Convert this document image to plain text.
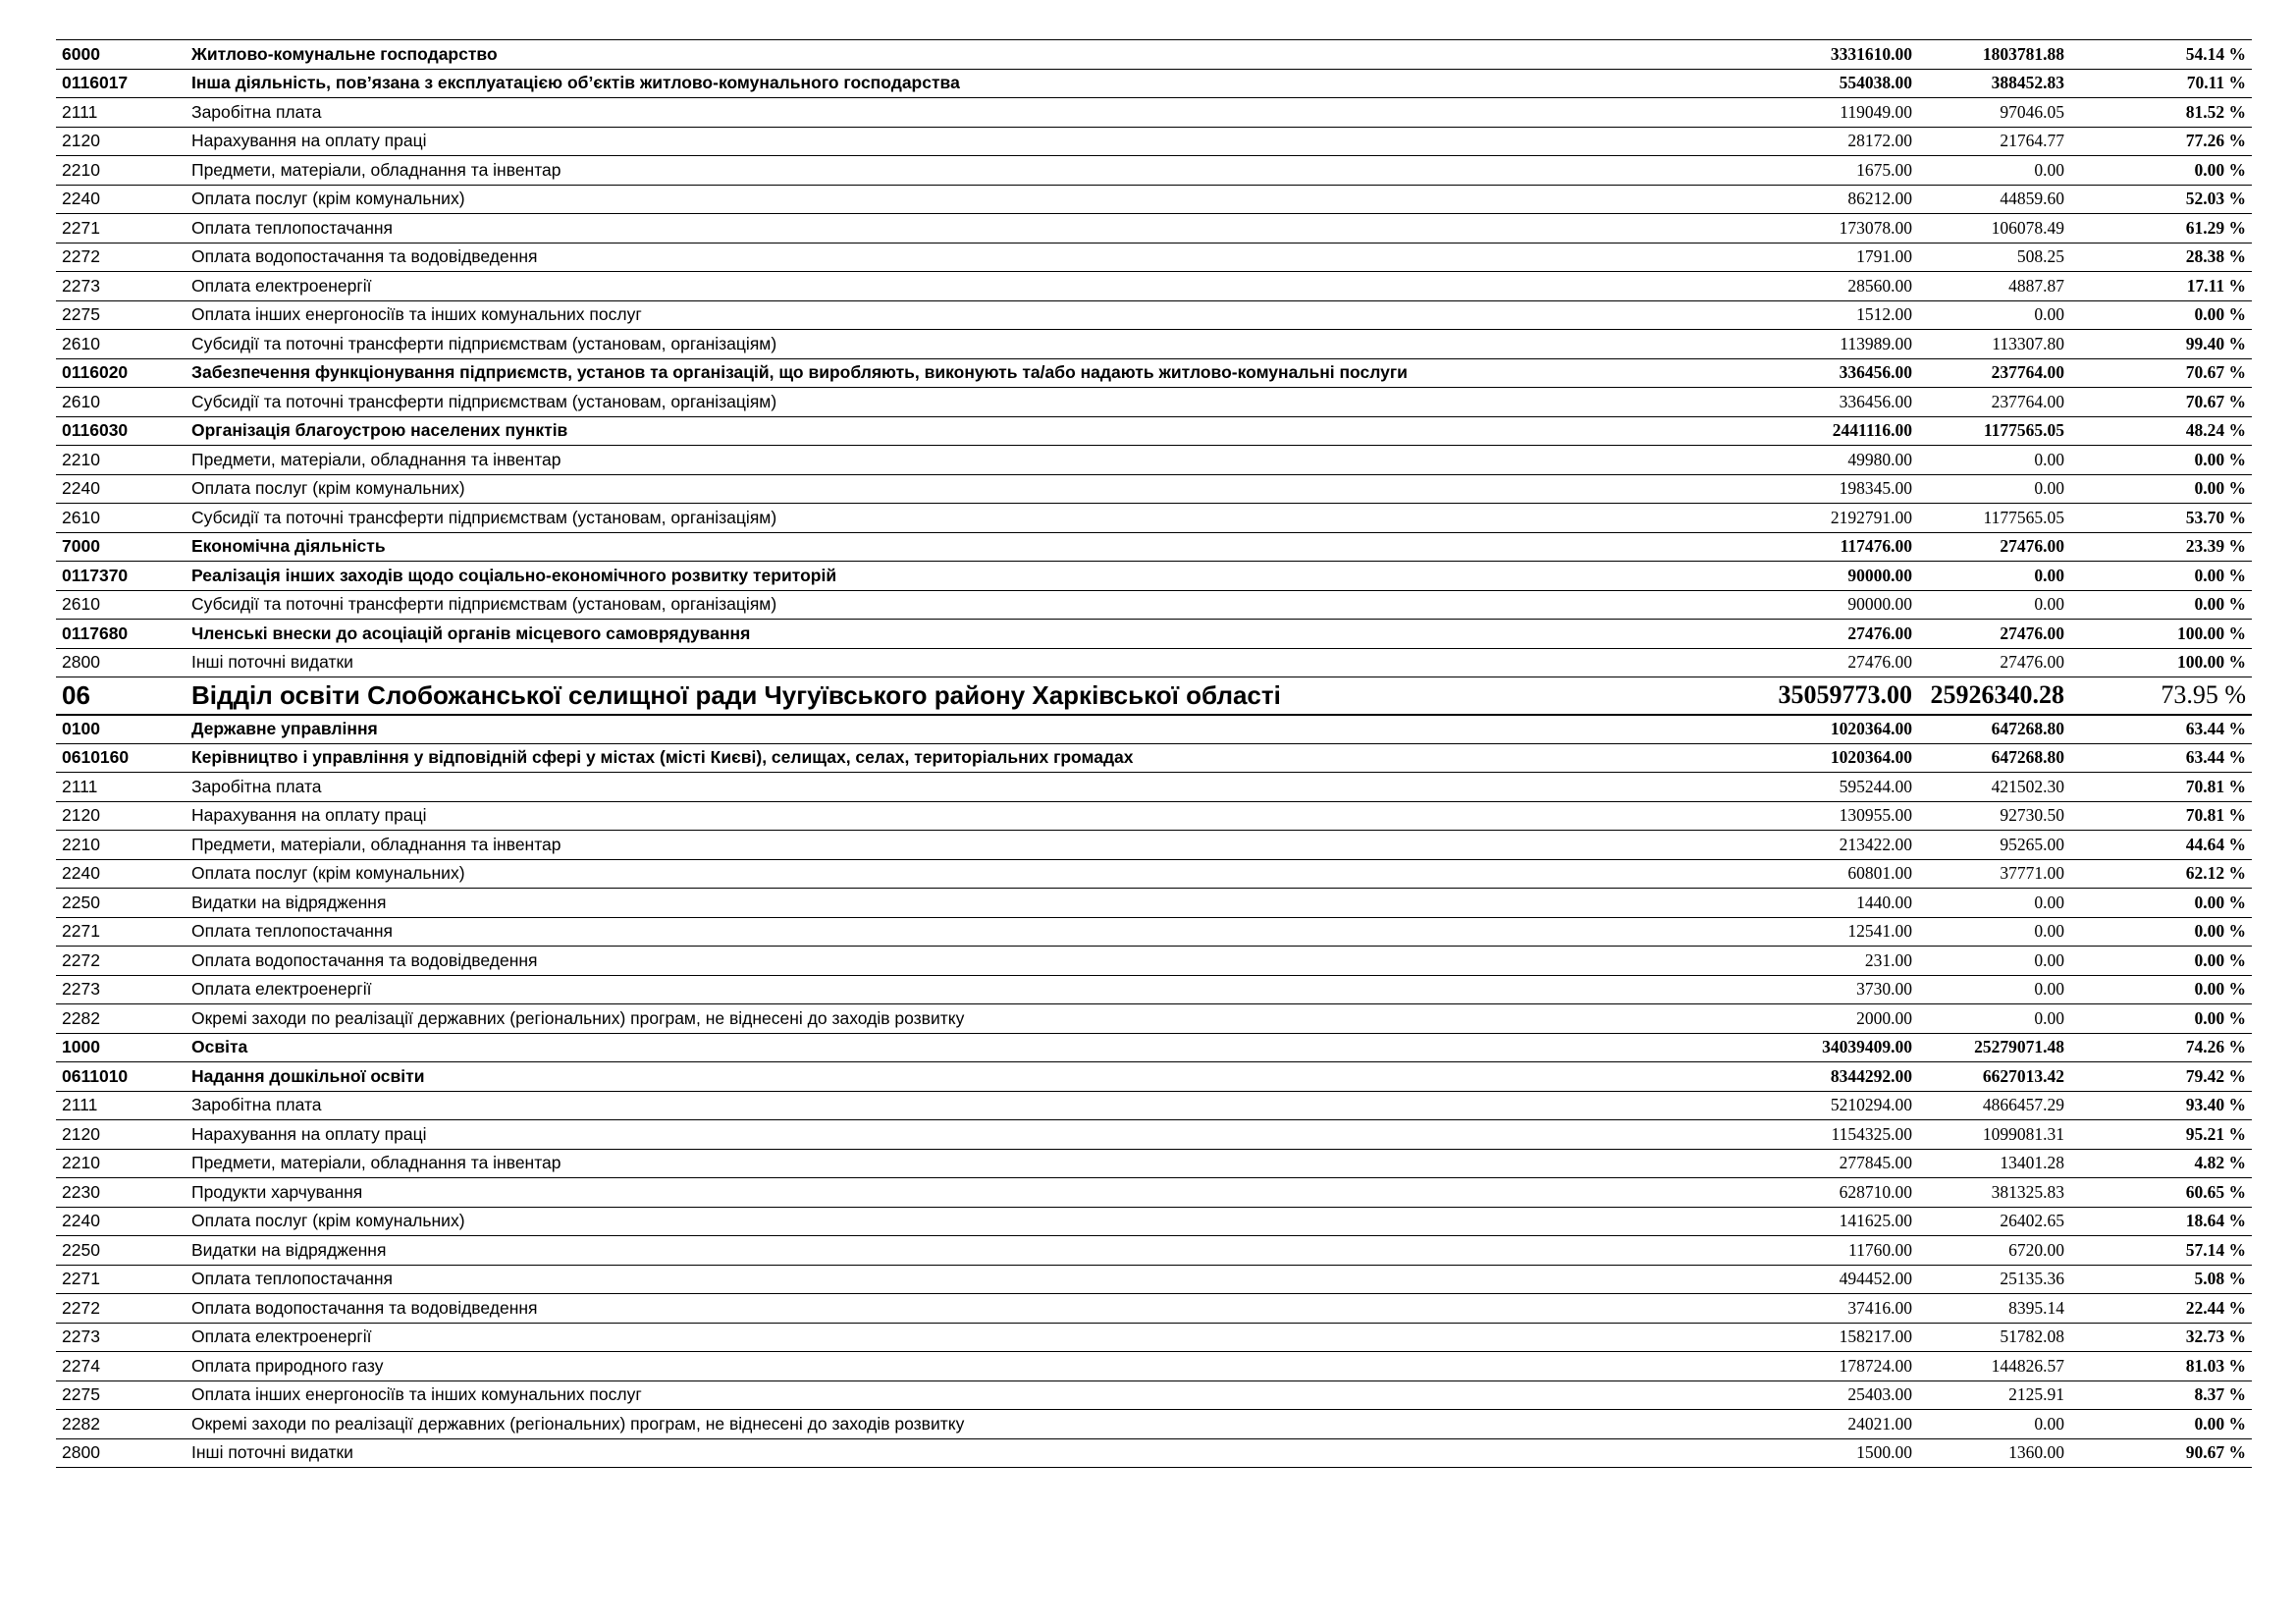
6000	Житлово-комунальне господарство	3331610.00	1803781.88	54.14 %
0116017	Інша діяльність, пов’язана з експлуатацією об’єктів житлово-комунального господарства	554038.00	388452.83	70.11 %
2111	Заробітна плата	119049.00	97046.05	81.52 %
2120	Нарахування на оплату праці	28172.00	21764.77	77.26 %
2210	Предмети, матеріали, обладнання та інвентар	1675.00	0.00	0.00 %
2240	Оплата послуг (крім комунальних)	86212.00	44859.60	52.03 %
2271	Оплата теплопостачання	173078.00	106078.49	61.29 %
2272	Оплата водопостачання та водовідведення	1791.00	508.25	28.38 %
2273	Оплата електроенергії	28560.00	4887.87	17.11 %
2275	Оплата інших енергоносіїв та інших комунальних послуг	1512.00	0.00	0.00 %
2610	Субсидії та поточні трансферти підприємствам (установам, організаціям)	113989.00	113307.80	99.40 %
0116020	Забезпечення функціонування підприємств, установ та організацій, що виробляють, виконують та/або надають житлово-комунальні послуги	336456.00	237764.00	70.67 %
2610	Субсидії та поточні трансферти підприємствам (установам, організаціям)	336456.00	237764.00	70.67 %
0116030	Організація благоустрою населених пунктів	2441116.00	1177565.05	48.24 %
2210	Предмети, матеріали, обладнання та інвентар	49980.00	0.00	0.00 %
2240	Оплата послуг (крім комунальних)	198345.00	0.00	0.00 %
2610	Субсидії та поточні трансферти підприємствам (установам, організаціям)	2192791.00	1177565.05	53.70 %
7000	Економічна діяльність	117476.00	27476.00	23.39 %
0117370	Реалізація інших заходів щодо соціально-економічного розвитку територій	90000.00	0.00	0.00 %
2610	Субсидії та поточні трансферти підприємствам (установам, організаціям)	90000.00	0.00	0.00 %
0117680	Членські внески до асоціацій органів місцевого самоврядування	27476.00	27476.00	100.00 %
2800	Інші поточні видатки	27476.00	27476.00	100.00 %
06	Відділ освіти Слобожанської селищної ради Чугуївського району Харківської області	35059773.00	25926340.28	73.95 %
0100	Державне управління	1020364.00	647268.80	63.44 %
0610160	Керівництво і управління у відповідній сфері у містах (місті Києві), селищах, селах, територіальних громадах	1020364.00	647268.80	63.44 %
2111	Заробітна плата	595244.00	421502.30	70.81 %
2120	Нарахування на оплату праці	130955.00	92730.50	70.81 %
2210	Предмети, матеріали, обладнання та інвентар	213422.00	95265.00	44.64 %
2240	Оплата послуг (крім комунальних)	60801.00	37771.00	62.12 %
2250	Видатки на відрядження	1440.00	0.00	0.00 %
2271	Оплата теплопостачання	12541.00	0.00	0.00 %
2272	Оплата водопостачання та водовідведення	231.00	0.00	0.00 %
2273	Оплата електроенергії	3730.00	0.00	0.00 %
2282	Окремі заходи по реалізації державних (регіональних) програм, не віднесені до заходів розвитку	2000.00	0.00	0.00 %
1000	Освіта	34039409.00	25279071.48	74.26 %
0611010	Надання дошкільної освіти	8344292.00	6627013.42	79.42 %
2111	Заробітна плата	5210294.00	4866457.29	93.40 %
2120	Нарахування на оплату праці	1154325.00	1099081.31	95.21 %
2210	Предмети, матеріали, обладнання та інвентар	277845.00	13401.28	4.82 %
2230	Продукти харчування	628710.00	381325.83	60.65 %
2240	Оплата послуг (крім комунальних)	141625.00	26402.65	18.64 %
2250	Видатки на відрядження	11760.00	6720.00	57.14 %
2271	Оплата теплопостачання	494452.00	25135.36	5.08 %
2272	Оплата водопостачання та водовідведення	37416.00	8395.14	22.44 %
2273	Оплата електроенергії	158217.00	51782.08	32.73 %
2274	Оплата природного газу	178724.00	144826.57	81.03 %
2275	Оплата інших енергоносіїв та інших комунальних послуг	25403.00	2125.91	8.37 %
2282	Окремі заходи по реалізації державних (регіональних) програм, не віднесені до заходів розвитку	24021.00	0.00	0.00 %
2800	Інші поточні видатки	1500.00	1360.00	90.67 %
